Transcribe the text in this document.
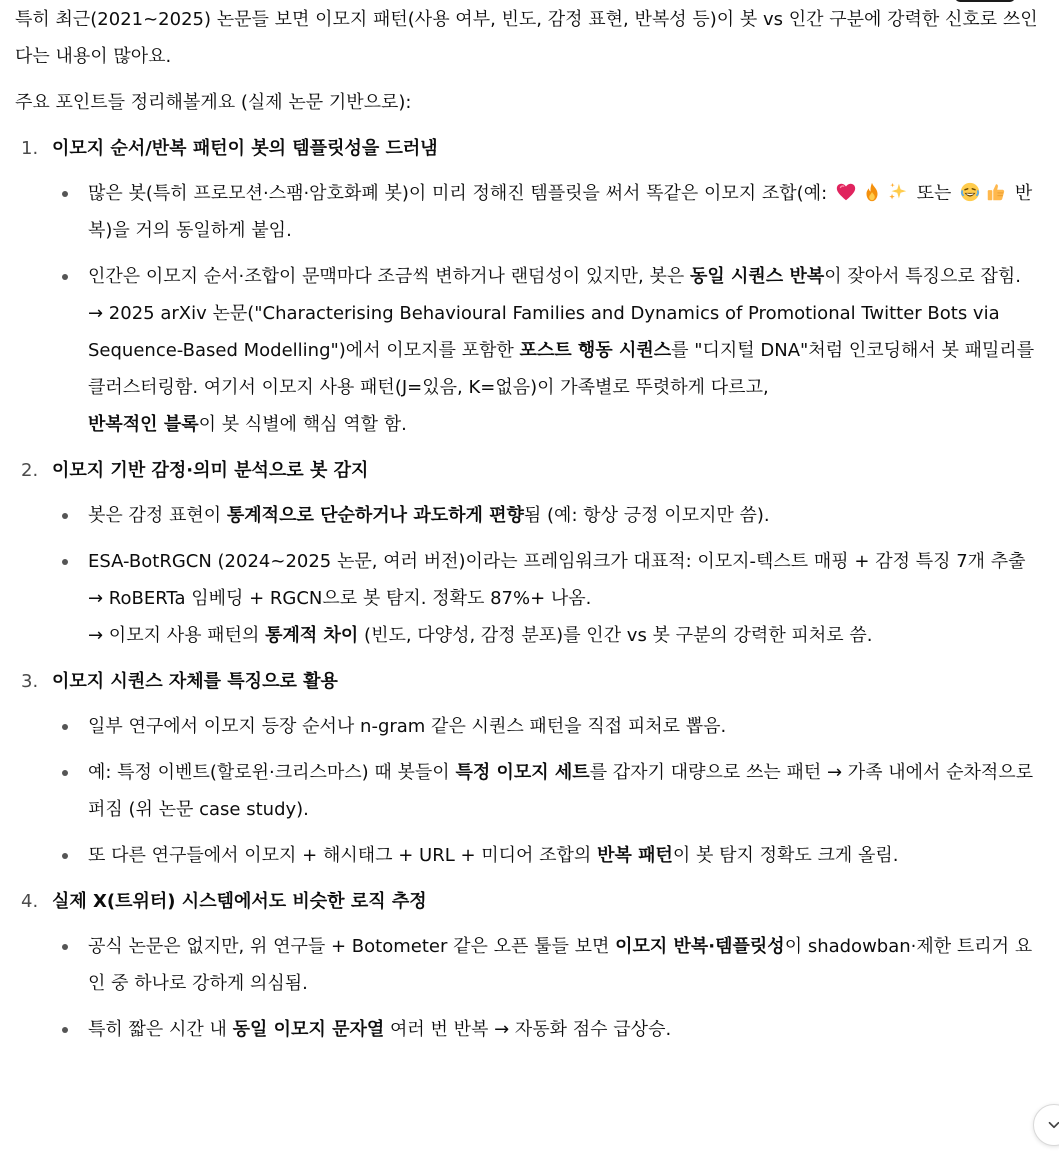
특히 최근(2021~2025) 논문들 보면 이모지 패턴(사용 여부, 빈도, 감정 표현, 반복성 등)이 봇 vs 인간 구분에 강력한 신호로 쓰인다는 내용이 많아요.

주요 포인트들 정리해볼게요 (실제 논문 기반으로):

1. 이모지 순서/반복 패턴이 봇의 템플릿성을 드러냄
많은 봇(특히 프로모션·스팸·암호화폐 봇)이 미리 정해진 템플릿을 써서 똑같은 이모지 조합(예:	또는	반복)을 거의 동일하게 붙임.
인간은 이모지 순서·조합이 문맥마다 조금씩 변하거나 랜덤성이 있지만, 봇은 동일 시퀀스 반복이 잦아서 특징으로 잡힘.
→ 2025 arXiv 논문("Characterising Behavioural Families and Dynamics of Promotional Twitter Bots via Sequence-Based Modelling")에서 이모지를 포함한 포스트 행동 시퀀스를 "디지털 DNA"처럼 인코딩해서 봇 패밀리를 클러스터링함. 여기서 이모지 사용 패턴(J=있음, K=없음)이 가족별로 뚜렷하게 다르고,
반복적인 블록이 봇 식별에 핵심 역할 함.
2. 이모지 기반 감정·의미 분석으로 봇 감지
봇은 감정 표현이 통계적으로 단순하거나 과도하게 편향됨 (예: 항상 긍정 이모지만 씀).
ESA-BotRGCN (2024~2025 논문, 여러 버전)이라는 프레임워크가 대표적: 이모지-텍스트 매핑 + 감정 특징 7개 추출 → RoBERTa 임베딩 + RGCN으로 봇 탐지. 정확도 87%+ 나옴.
→ 이모지 사용 패턴의 통계적 차이 (빈도, 다양성, 감정 분포)를 인간 vs 봇 구분의 강력한 피처로 씀.
3. 이모지 시퀀스 자체를 특징으로 활용
일부 연구에서 이모지 등장 순서나 n-gram 같은 시퀀스 패턴을 직접 피처로 뽑음.
예: 특정 이벤트(할로윈·크리스마스) 때 봇들이 특정 이모지 세트를 갑자기 대량으로 쓰는 패턴 → 가족 내에서 순차적으로 퍼짐 (위 논문 case study).
또 다른 연구들에서 이모지 + 해시태그 + URL + 미디어 조합의 반복 패턴이 봇 탐지 정확도 크게 올림.
4. 실제 X(트위터) 시스템에서도 비슷한 로직 추정
공식 논문은 없지만, 위 연구들 + Botometer 같은 오픈 툴들 보면 이모지 반복·템플릿성이 shadowban·제한 트리거 요인 중 하나로 강하게 의심됨.
특히 짧은 시간 내 동일 이모지 문자열 여러 번 반복 → 자동화 점수 급상승.
